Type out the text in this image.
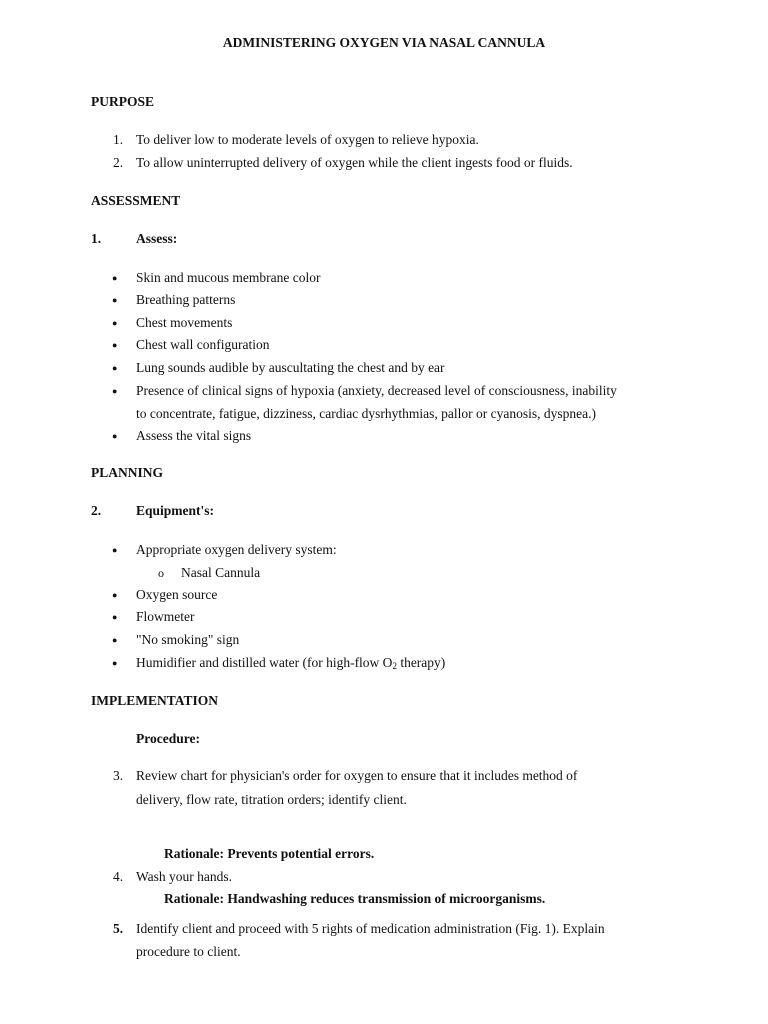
ADMINISTERING OXYGEN VIA NASAL CANNULA
PURPOSE
1. To deliver low to moderate levels of oxygen to relieve hypoxia.
2. To allow uninterrupted delivery of oxygen while the client ingests food or fluids.
ASSESSMENT
1.	Assess:
● Skin and mucous membrane color
● Breathing patterns
● Chest movements
● Chest wall configuration
● Lung sounds audible by auscultating the chest and by ear
● Presence of clinical signs of hypoxia (anxiety, decreased level of consciousness, inability
to concentrate, fatigue, dizziness, cardiac dysrhythmias, pallor or cyanosis, dyspnea.)
● Assess the vital signs
PLANNING
2.	Equipment's:
● Appropriate oxygen delivery system:
o Nasal Cannula
● Oxygen source
● Flowmeter
● "No smoking" sign
● Humidifier and distilled water (for high-flow $O_2$ therapy)
IMPLEMENTATION
Procedure:
3. Review chart for physician's order for oxygen to ensure that it includes method of
delivery, flow rate, titration orders; identify client.
Rationale: Prevents potential errors.
4. Wash your hands.
Rationale: Handwashing reduces transmission of microorganisms.
5. Identify client and proceed with 5 rights of medication administration (Fig. 1). Explain
procedure to client.
